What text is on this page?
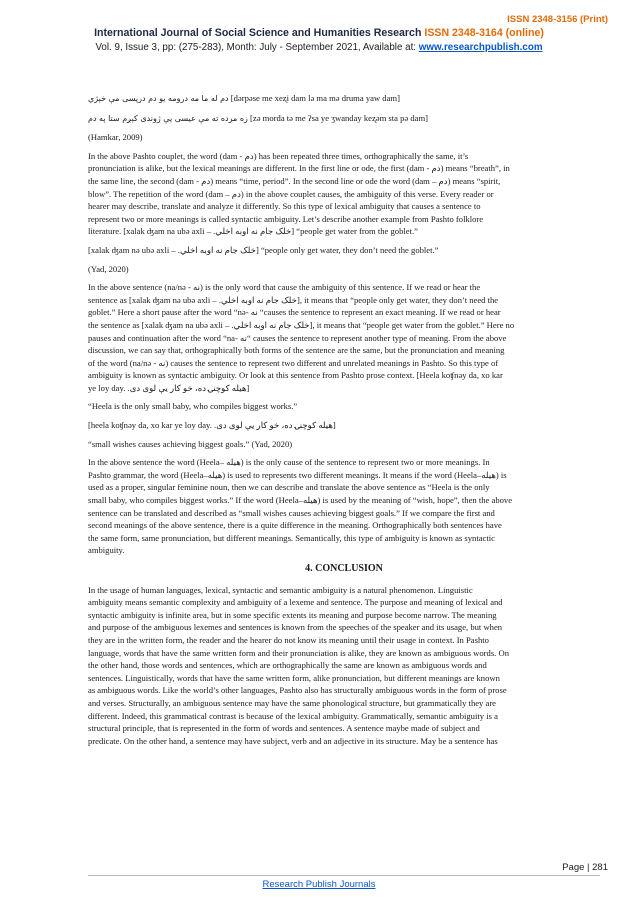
ISSN 2348-3156 (Print)
International Journal of Social Science and Humanities Research ISSN 2348-3164 (online)
Vol. 9, Issue 3, pp: (275-283), Month: July - September 2021, Available at: www.researchpublish.com

دم له ما مه درومه یو دم درپسی مې خېژي [dərpəse me xeʐi dam lə ma mə druma yaw dam]

زه مرده ته مې عیسی یې ژوندی کېږم ستا په دم [zə morda tə me ʔsa ye ʒwanday keʐəm sta pə dam]

(Hamkar, 2009)

In the above Pashto couplet, the word (dam - دم) has been repeated three times, orthographically the same, it’s
pronunciation is alike, but the lexical meanings are different. In the first line or ode, the first (dam - دم) means “breath”, in
the same line, the second (dam - دم) means “time, period”. In the second line or ode the word (dam – دم) means “spirit,
blow”. The repetition of the word (dam – دم) in the above couplet causes, the ambiguity of this verse. Every reader or
hearer may describe, translate and analyze it differently. So this type of lexical ambiguity that causes a sentence to
represent two or more meanings is called syntactic ambiguity. Let’s describe another example from Pashto folklore
literature. [xalak ʤam na ubə axli – .خلک جام نه اوبه اخلي] “people get water from the goblet.”

[xalak ʤam nə ubə axli – .خلک جام نه اوبه اخلي] “people only get water, they don’t need the goblet.”

(Yad, 2020)

In the above sentence (na/nə - نه) is the only word that cause the ambiguity of this sentence. If we read or hear the
sentence as [xalak ʤam nə ubə axli – .خلک جام نه اوبه اخلي], it means that “people only get water, they don’t need the
goblet.” Here a short pause after the word “nə- نه “causes the sentence to represent an exact meaning. If we read or hear
the sentence as [xalak ʤam na ubə axli – .خلک جام نه اوبه اخلي], it means that “people get water from the goblet.” Here no
pauses and continuation after the word “na- نه“ causes the sentence to represent another type of meaning. From the above
discussion, we can say that, orthographically both forms of the sentence are the same, but the pronunciation and meaning
of the word (na/nə - نه) causes the sentence to represent two different and unrelated meanings in Pashto. So this type of
ambiguity is known as syntactic ambiguity. Or look at this sentence from Pashto prose context. [Heela koʧnəy da, xo kar
ye loy day. .هیله کوچنۍ ده، خو کار یې لوی دی]

“Heela is the only small baby, who compiles biggest works.”

[heela koʧnəy da, xo kar ye loy day. .هیله کوچنۍ ده، خو کار یې لوی دی]

“small wishes causes achieving biggest goals.” (Yad, 2020)

In the above sentence the word (Heela– هیله) is the only cause of the sentence to represent two or more meanings. In
Pashto grammar, the word (Heela–هیله) is used to represents two different meanings. It means if the word (Heela–هیله) is
used as a proper, singular feminine noun, then we can describe and translate the above sentence as “Heela is the only
small baby, who compiles biggest works.” If the word (Heela–هیله) is used by the meaning of “wish, hope”, then the above
sentence can be translated and described as “small wishes causes achieving biggest goals.” If we compare the first and
second meanings of the above sentence, there is a quite difference in the meaning. Orthographically both sentences have
the same form, same pronunciation, but different meanings. Semantically, this type of ambiguity is known as syntactic
ambiguity.

4. CONCLUSION

In the usage of human languages, lexical, syntactic and semantic ambiguity is a natural phenomenon. Linguistic
ambiguity means semantic complexity and ambiguity of a lexeme and sentence. The purpose and meaning of lexical and
syntactic ambiguity is infinite area, but in some specific extents its meaning and purpose become narrow. The meaning
and purpose of the ambiguous lexemes and sentences is known from the speeches of the speaker and its usage, but when
they are in the written form, the reader and the hearer do not know its meaning until their usage in context. In Pashto
language, words that have the same written form and their pronunciation is alike, they are known as ambiguous words. On
the other hand, those words and sentences, which are orthographically the same are known as ambiguous words and
sentences. Linguistically, words that have the same written form, alike pronunciation, but different meanings are known
as ambiguous words. Like the world’s other languages, Pashto also has structurally ambiguous words in the form of prose
and verses. Structurally, an ambiguous sentence may have the same phonological structure, but grammatically they are
different. Indeed, this grammatical contrast is because of the lexical ambiguity. Grammatically, semantic ambiguity is a
structural principle, that is represented in the form of words and sentences. A sentence maybe made of subject and
predicate. On the other hand, a sentence may have subject, verb and an adjective in its structure. May be a sentence has

Page | 281
Research Publish Journals
